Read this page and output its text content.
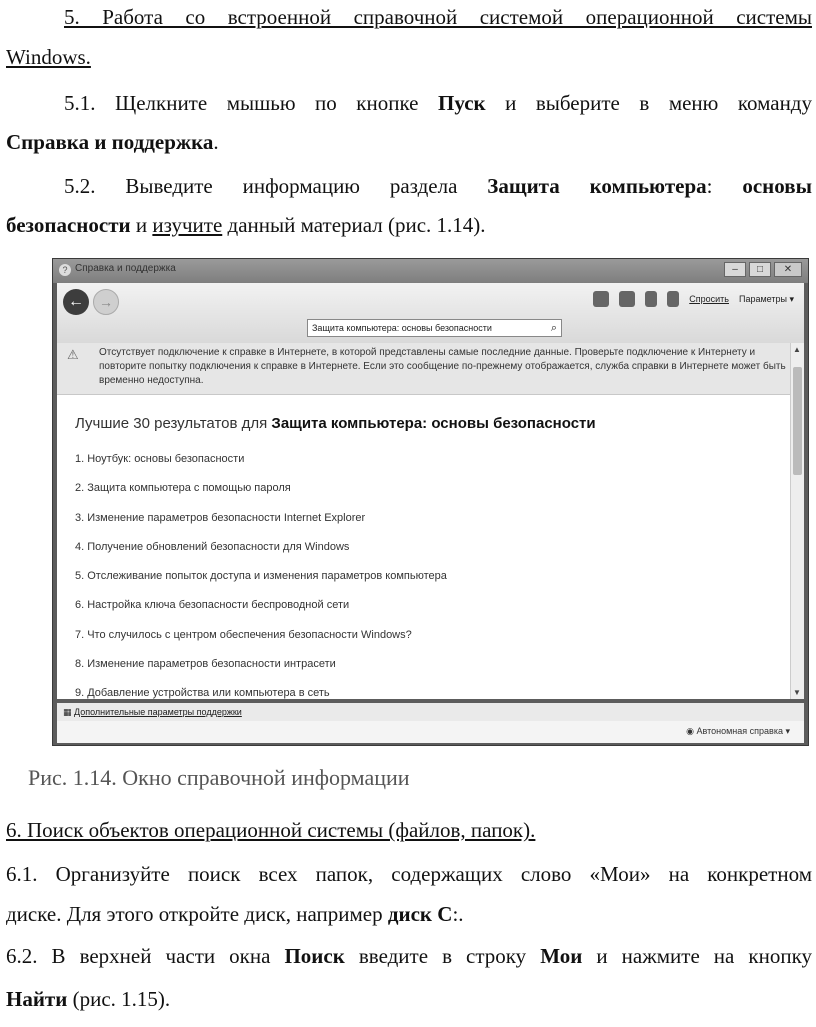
5. Работа со встроенной справочной системой операционной системы

Windows.

5.1. Щелкните мышью по кнопке Пуск и выберите в меню команду

Справка и поддержка.

5.2. Выведите информацию раздела Защита компьютера: основы

безопасности и изучите данный материал (рис. 1.14).

? Справка и поддержка	–	□	✕
←	→	Спросить Параметры ▾
Защита компьютера: основы безопасности	⌕
⚠ Отсутствует подключение к справке в Интернете, в которой представлены самые последние данные. Проверьте подключение к Интернету и повторите попытку подключения к справке в Интернете. Если это сообщение по-прежнему отображается, служба справки в Интернете может быть временно недоступна.
▲
▼
Лучшие 30 результатов для Защита компьютера: основы безопасности
1. Ноутбук: основы безопасности
2. Защита компьютера с помощью пароля
3. Изменение параметров безопасности Internet Explorer
4. Получение обновлений безопасности для Windows
5. Отслеживание попыток доступа и изменения параметров компьютера
6. Настройка ключа безопасности беспроводной сети
7. Что случилось с центром обеспечения безопасности Windows?
8. Изменение параметров безопасности интрасети
9. Добавление устройства или компьютера в сеть
▦ Дополнительные параметры поддержки
◉ Автономная справка ▾
Рис. 1.14. Окно справочной информации

6. Поиск объектов операционной системы (файлов, папок).

6.1. Организуйте поиск всех папок, содержащих слово «Мои» на конкретном

диске. Для этого откройте диск, например диск С:.

6.2. В верхней части окна Поиск введите в строку Мои и нажмите на кнопку

Найти (рис. 1.15).
